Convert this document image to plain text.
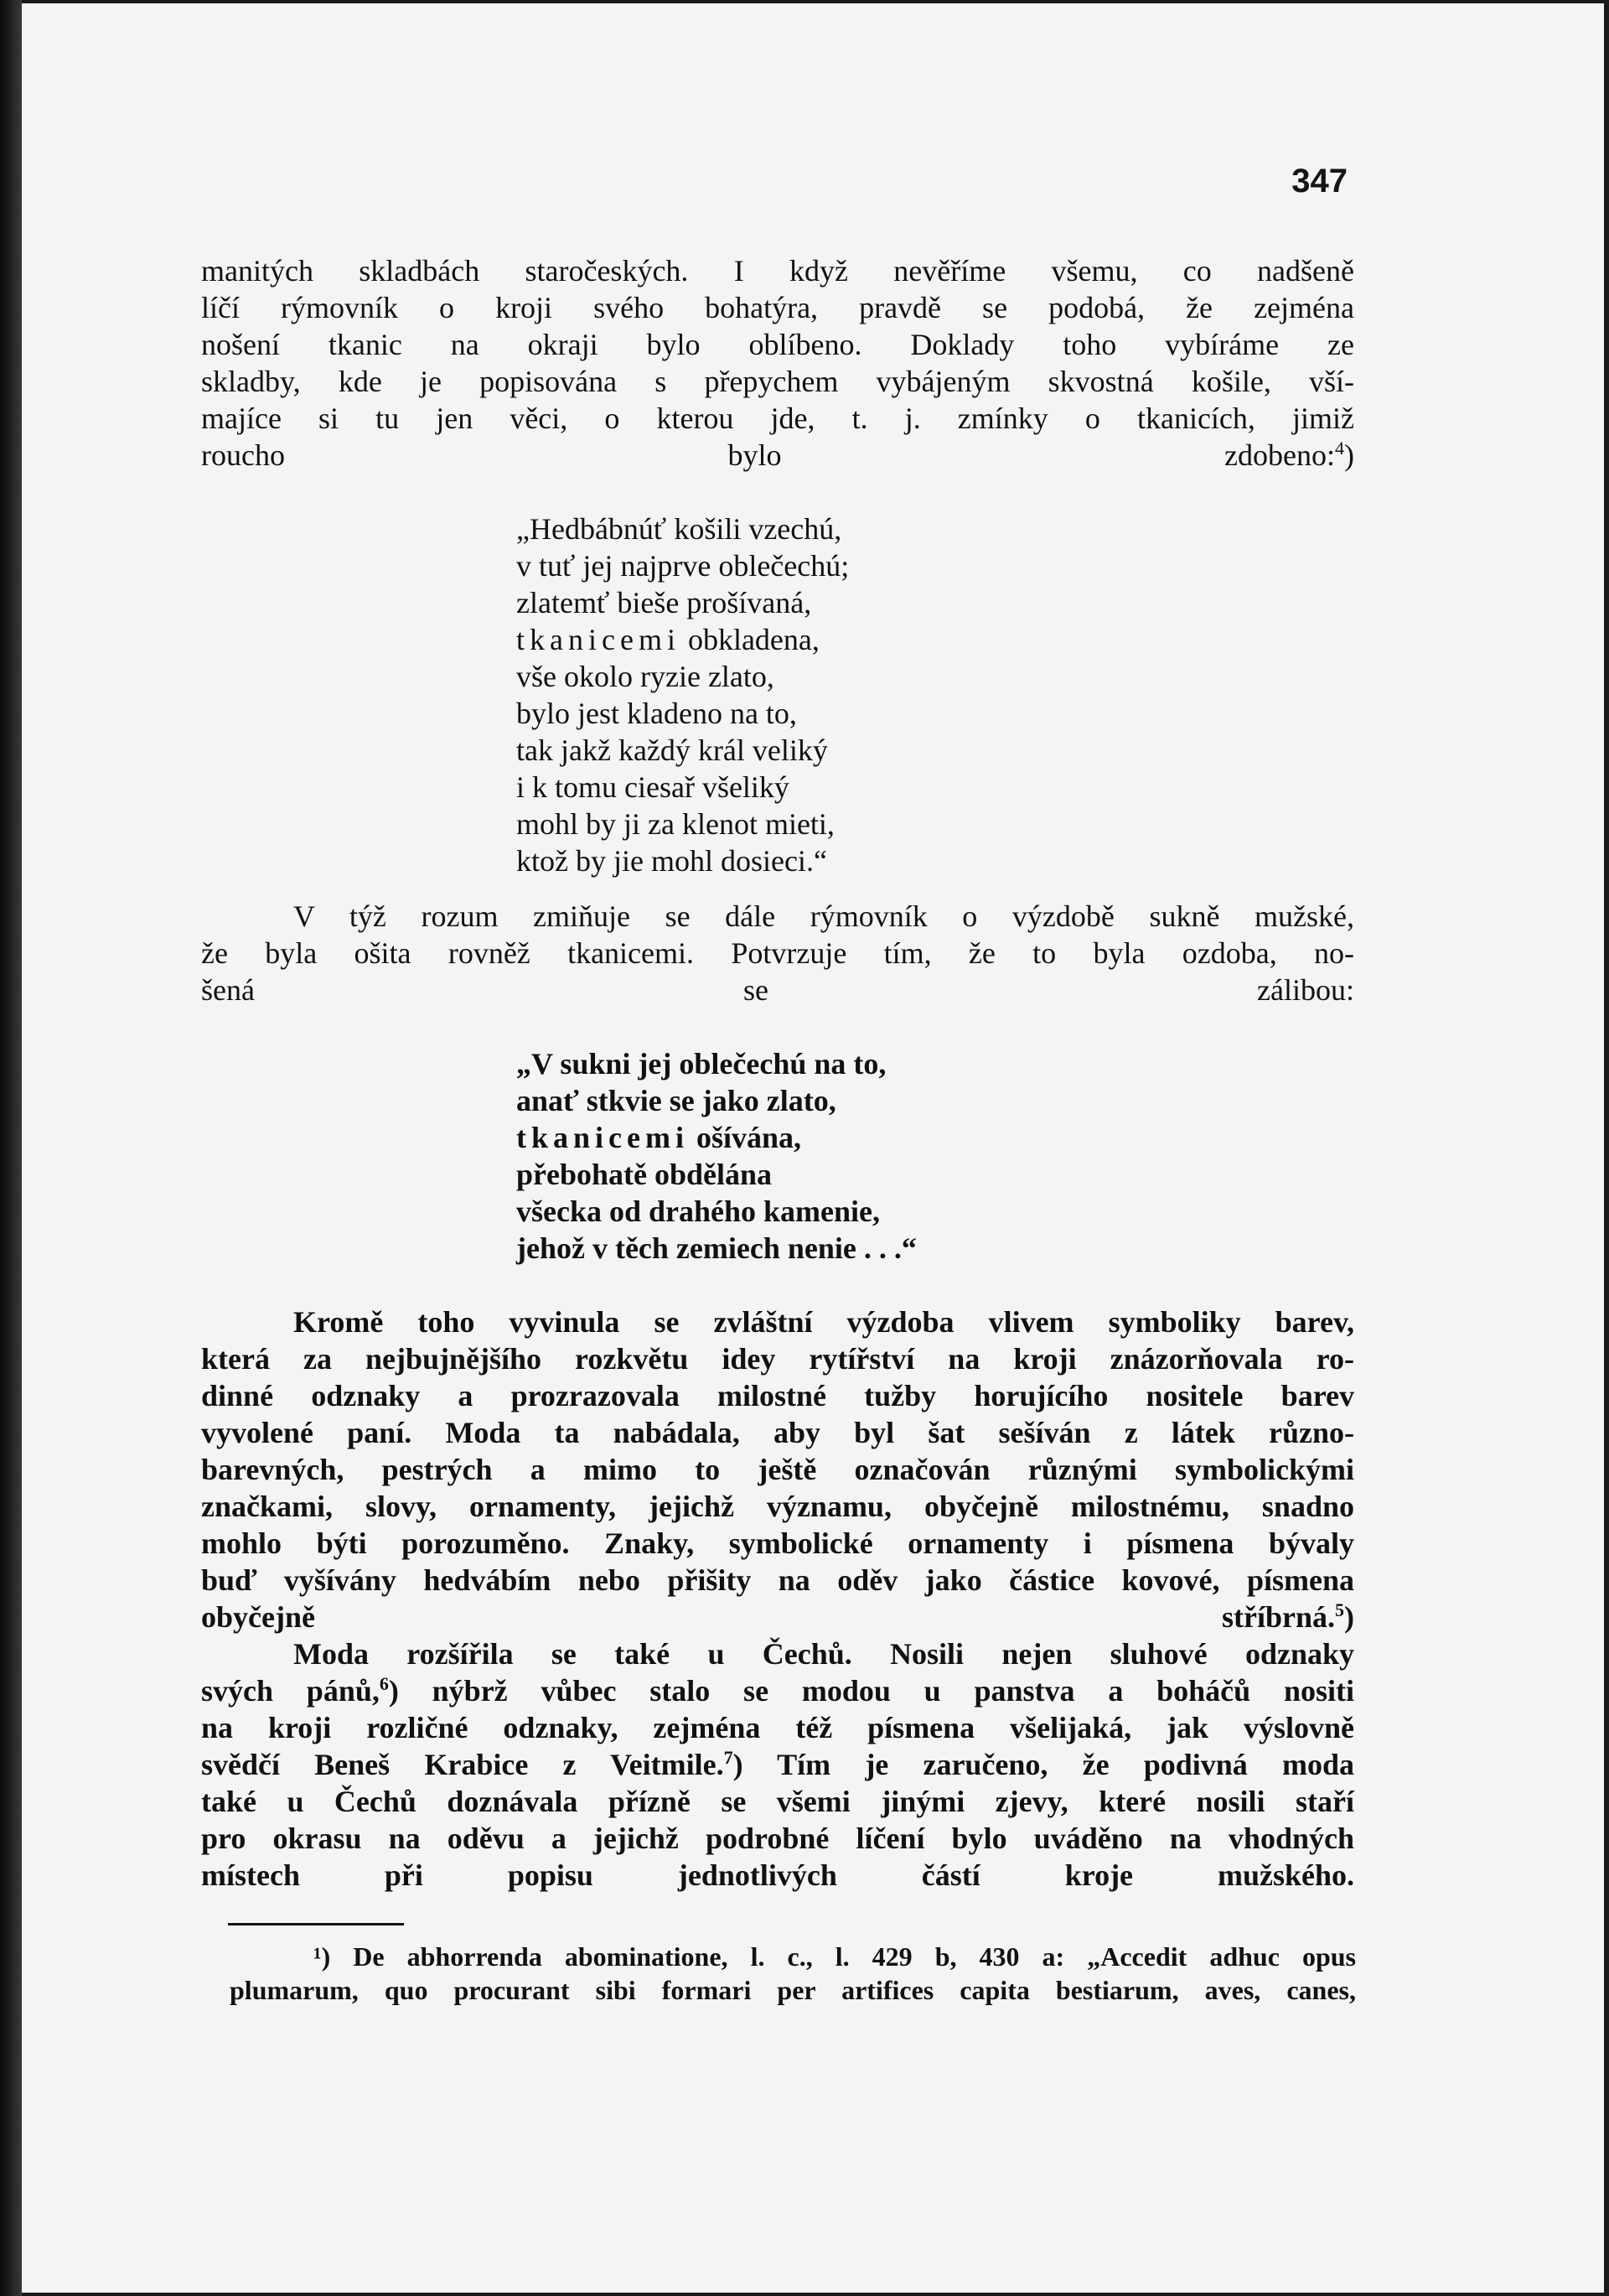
347

manitých skladbách staročeských. I když nevěříme všemu, co nadšeně
líčí rýmovník o kroji svého bohatýra, pravdě se podobá, že zejména
nošení tkanic na okraji bylo oblíbeno. Doklady toho vybíráme ze
skladby, kde je popisována s přepychem vybájeným skvostná košile, vší-
majíce si tu jen věci, o kterou jde, t. j. zmínky o tkanicích, jimiž
roucho bylo zdobeno:$^4$)

„Hedbábnúť košili vzechú,
v tuť jej najprve oblečechú;
zlatemť bieše prošívaná,
tkanicemi obkladena,
vše okolo ryzie zlato,
bylo jest kladeno na to,
tak jakž každý král veliký
i k tomu ciesař všeliký
mohl by ji za klenot mieti,
ktož by jie mohl dosieci.“

V týž rozum zmiňuje se dále rýmovník o výzdobě sukně mužské,
že byla ošita rovněž tkanicemi. Potvrzuje tím, že to byla ozdoba, no-
šená se zálibou:

„V sukni jej oblečechú na to,
anať stkvie se jako zlato,
tkanicemi ošívána,
přebohatě obdělána
všecka od drahého kamenie,
jehož v těch zemiech nenie . . .“

Kromě toho vyvinula se zvláštní výzdoba vlivem symboliky barev,
která za nejbujnějšího rozkvětu idey rytířství na kroji znázorňovala ro-
dinné odznaky a prozrazovala milostné tužby horujícího nositele barev
vyvolené paní. Moda ta nabádala, aby byl šat sešíván z látek různo-
barevných, pestrých a mimo to ještě označován různými symbolickými
značkami, slovy, ornamenty, jejichž významu, obyčejně milostnému, snadno
mohlo býti porozuměno. Znaky, symbolické ornamenty i písmena bývaly
buď vyšívány hedvábím nebo přišity na oděv jako částice kovové, písmena
obyčejně stříbrná.$^5$)

Moda rozšířila se také u Čechů. Nosili nejen sluhové odznaky
svých pánů,$^6$) nýbrž vůbec stalo se modou u panstva a boháčů nositi
na kroji rozličné odznaky, zejména též písmena všelijaká, jak výslovně
svědčí Beneš Krabice z Veitmile.$^7$) Tím je zaručeno, že podivná moda
také u Čechů doznávala přízně se všemi jinými zjevy, které nosili staří
pro okrasu na oděvu a jejichž podrobné líčení bylo uváděno na vhodných
místech při popisu jednotlivých částí kroje mužského.

¹) De abhorrenda abominatione, l. c., l. 429 b, 430 a: „Accedit adhuc opus
plumarum, quo procurant sibi formari per artifices capita bestiarum, aves, canes,
